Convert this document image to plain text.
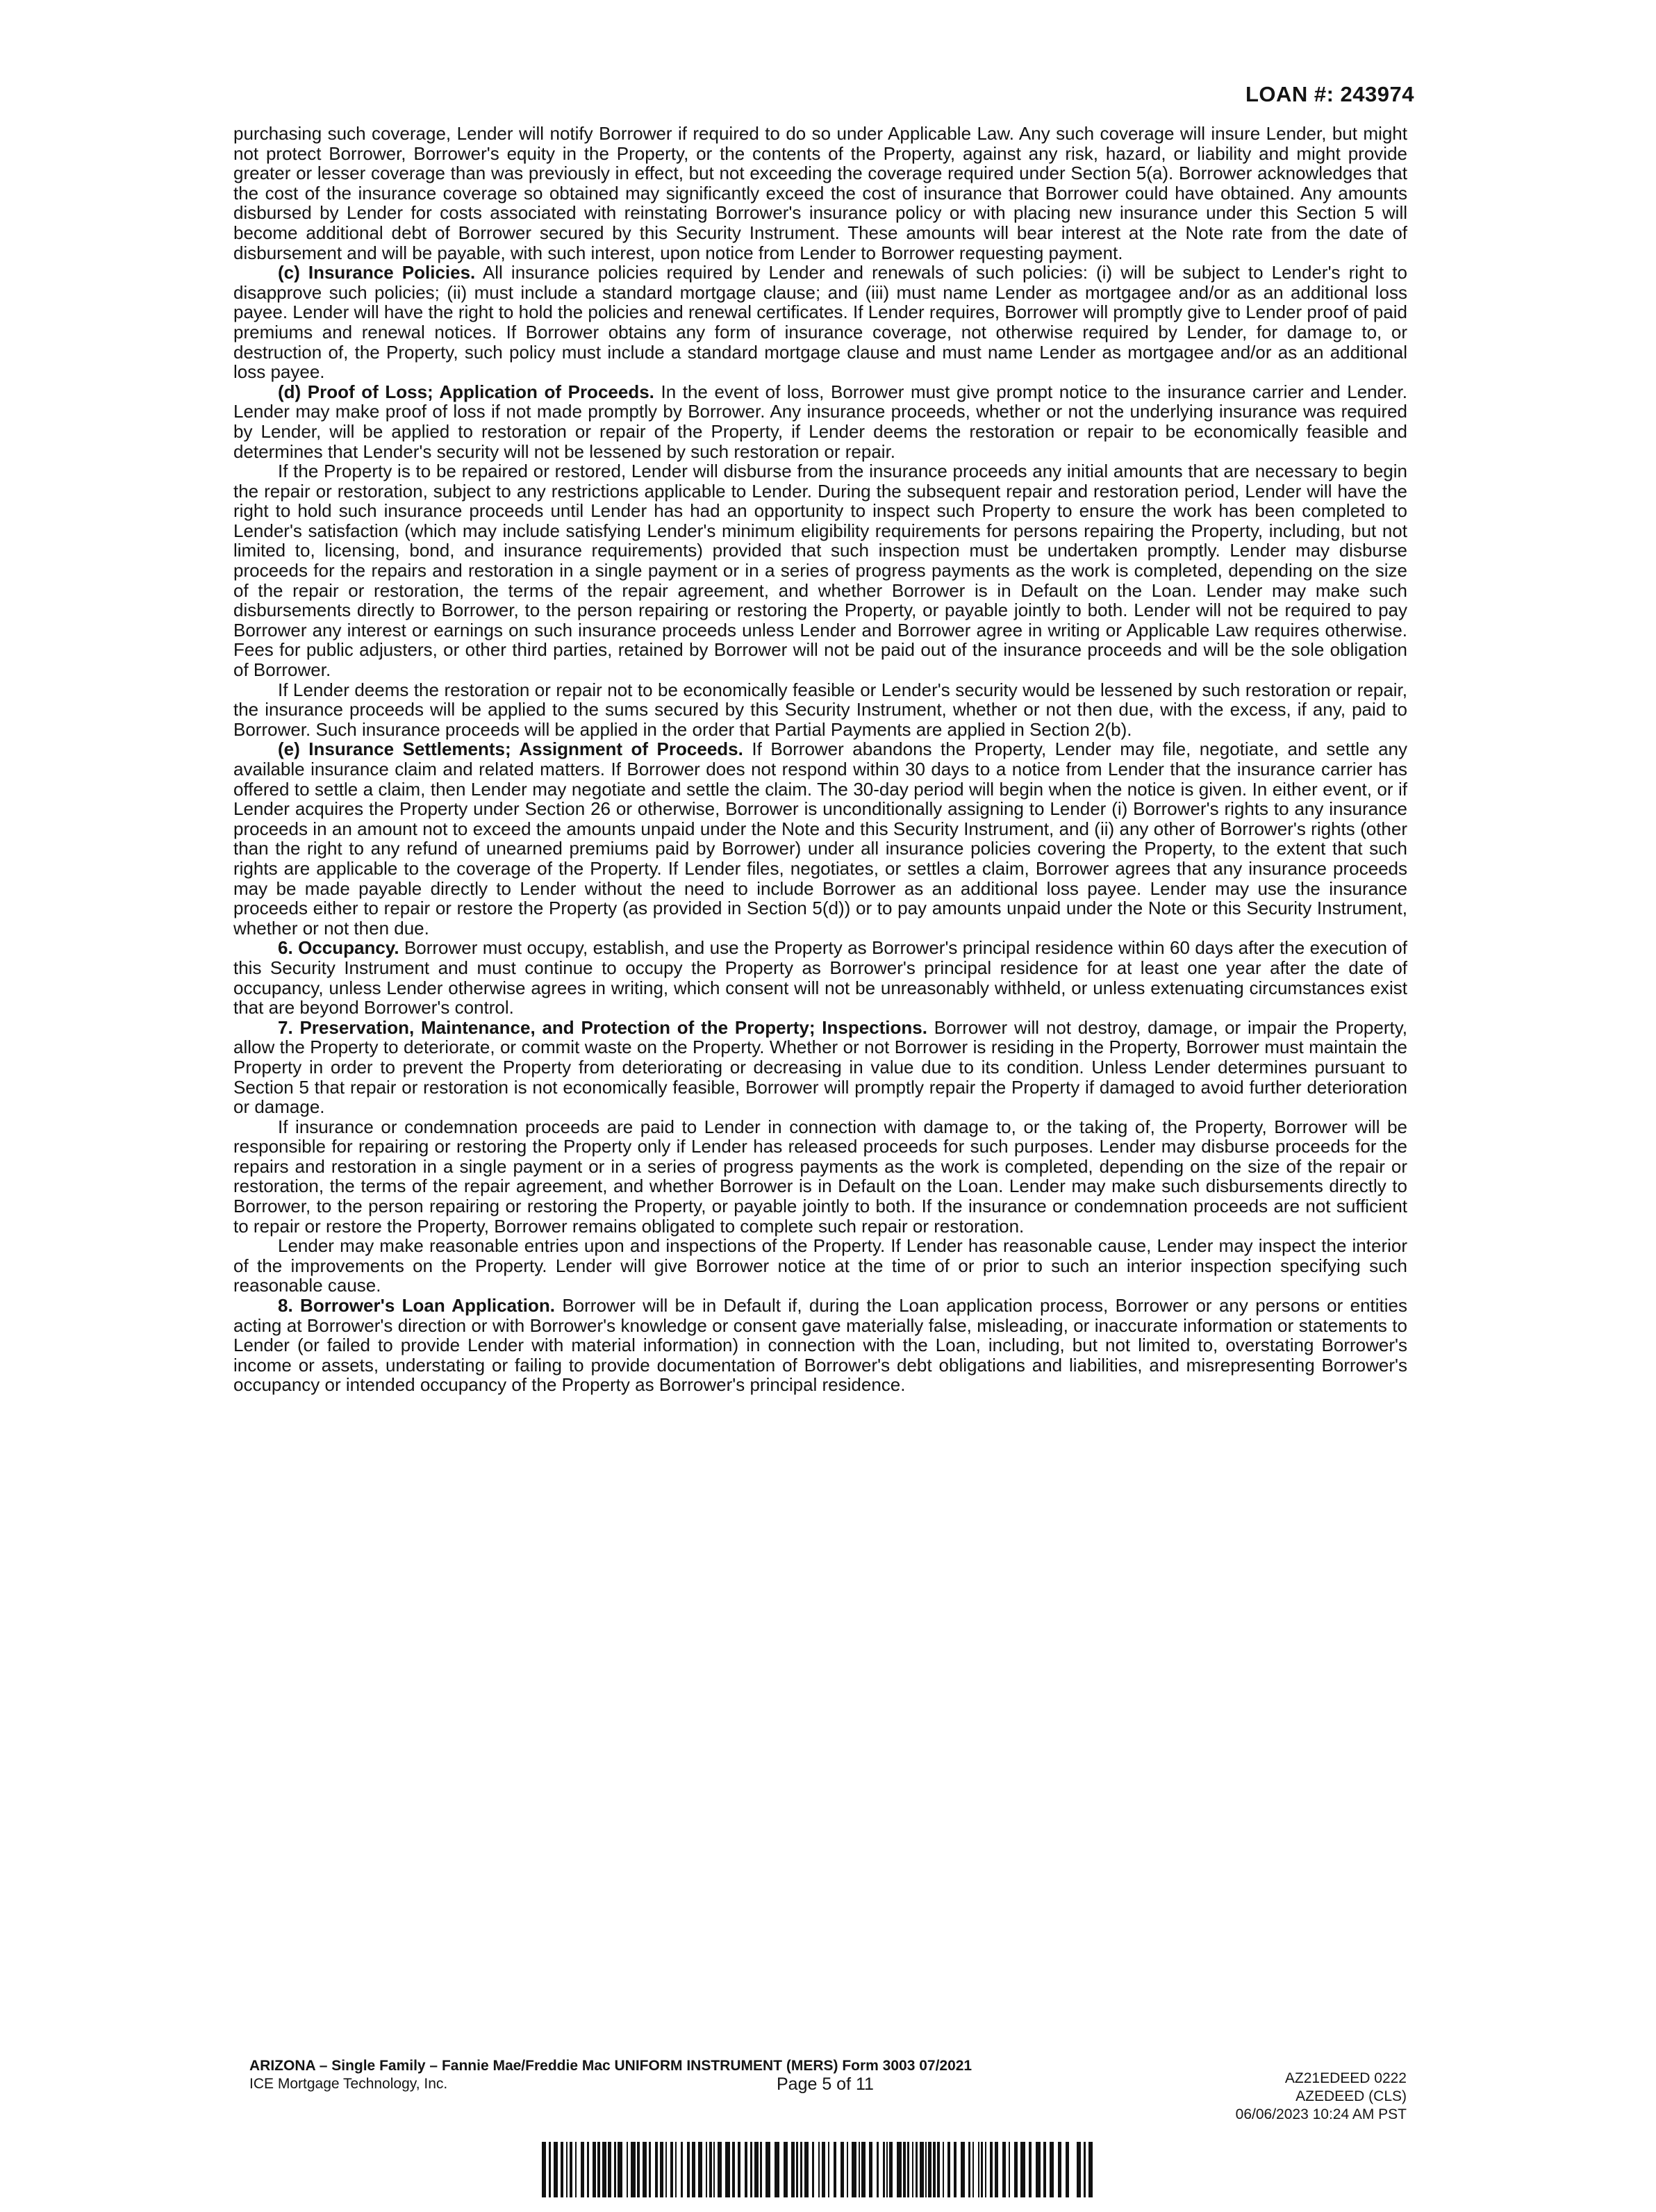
LOAN #: 243974

purchasing such coverage, Lender will notify Borrower if required to do so under Applicable Law. Any such coverage will insure Lender, but might not protect Borrower, Borrower's equity in the Property, or the contents of the Property, against any risk, hazard, or liability and might provide greater or lesser coverage than was previously in effect, but not exceeding the coverage required under Section 5(a). Borrower acknowledges that the cost of the insurance coverage so obtained may significantly exceed the cost of insurance that Borrower could have obtained. Any amounts disbursed by Lender for costs associated with reinstating Borrower's insurance policy or with placing new insurance under this Section 5 will become additional debt of Borrower secured by this Security Instrument. These amounts will bear interest at the Note rate from the date of disbursement and will be payable, with such interest, upon notice from Lender to Borrower requesting payment.

(c) Insurance Policies. All insurance policies required by Lender and renewals of such policies: (i) will be subject to Lender's right to disapprove such policies; (ii) must include a standard mortgage clause; and (iii) must name Lender as mortgagee and/or as an additional loss payee. Lender will have the right to hold the policies and renewal certificates. If Lender requires, Borrower will promptly give to Lender proof of paid premiums and renewal notices. If Borrower obtains any form of insurance coverage, not otherwise required by Lender, for damage to, or destruction of, the Property, such policy must include a standard mortgage clause and must name Lender as mortgagee and/or as an additional loss payee.

(d) Proof of Loss; Application of Proceeds. In the event of loss, Borrower must give prompt notice to the insurance carrier and Lender. Lender may make proof of loss if not made promptly by Borrower. Any insurance proceeds, whether or not the underlying insurance was required by Lender, will be applied to restoration or repair of the Property, if Lender deems the restoration or repair to be economically feasible and determines that Lender's security will not be lessened by such restoration or repair.

If the Property is to be repaired or restored, Lender will disburse from the insurance proceeds any initial amounts that are necessary to begin the repair or restoration, subject to any restrictions applicable to Lender. During the subsequent repair and restoration period, Lender will have the right to hold such insurance proceeds until Lender has had an opportunity to inspect such Property to ensure the work has been completed to Lender's satisfaction (which may include satisfying Lender's minimum eligibility requirements for persons repairing the Property, including, but not limited to, licensing, bond, and insurance requirements) provided that such inspection must be undertaken promptly. Lender may disburse proceeds for the repairs and restoration in a single payment or in a series of progress payments as the work is completed, depending on the size of the repair or restoration, the terms of the repair agreement, and whether Borrower is in Default on the Loan. Lender may make such disbursements directly to Borrower, to the person repairing or restoring the Property, or payable jointly to both. Lender will not be required to pay Borrower any interest or earnings on such insurance proceeds unless Lender and Borrower agree in writing or Applicable Law requires otherwise. Fees for public adjusters, or other third parties, retained by Borrower will not be paid out of the insurance proceeds and will be the sole obligation of Borrower.

If Lender deems the restoration or repair not to be economically feasible or Lender's security would be lessened by such restoration or repair, the insurance proceeds will be applied to the sums secured by this Security Instrument, whether or not then due, with the excess, if any, paid to Borrower. Such insurance proceeds will be applied in the order that Partial Payments are applied in Section 2(b).

(e) Insurance Settlements; Assignment of Proceeds. If Borrower abandons the Property, Lender may file, negotiate, and settle any available insurance claim and related matters. If Borrower does not respond within 30 days to a notice from Lender that the insurance carrier has offered to settle a claim, then Lender may negotiate and settle the claim. The 30-day period will begin when the notice is given. In either event, or if Lender acquires the Property under Section 26 or otherwise, Borrower is unconditionally assigning to Lender (i) Borrower's rights to any insurance proceeds in an amount not to exceed the amounts unpaid under the Note and this Security Instrument, and (ii) any other of Borrower's rights (other than the right to any refund of unearned premiums paid by Borrower) under all insurance policies covering the Property, to the extent that such rights are applicable to the coverage of the Property. If Lender files, negotiates, or settles a claim, Borrower agrees that any insurance proceeds may be made payable directly to Lender without the need to include Borrower as an additional loss payee. Lender may use the insurance proceeds either to repair or restore the Property (as provided in Section 5(d)) or to pay amounts unpaid under the Note or this Security Instrument, whether or not then due.

6. Occupancy. Borrower must occupy, establish, and use the Property as Borrower's principal residence within 60 days after the execution of this Security Instrument and must continue to occupy the Property as Borrower's principal residence for at least one year after the date of occupancy, unless Lender otherwise agrees in writing, which consent will not be unreasonably withheld, or unless extenuating circumstances exist that are beyond Borrower's control.

7. Preservation, Maintenance, and Protection of the Property; Inspections. Borrower will not destroy, damage, or impair the Property, allow the Property to deteriorate, or commit waste on the Property. Whether or not Borrower is residing in the Property, Borrower must maintain the Property in order to prevent the Property from deteriorating or decreasing in value due to its condition. Unless Lender determines pursuant to Section 5 that repair or restoration is not economically feasible, Borrower will promptly repair the Property if damaged to avoid further deterioration or damage.

If insurance or condemnation proceeds are paid to Lender in connection with damage to, or the taking of, the Property, Borrower will be responsible for repairing or restoring the Property only if Lender has released proceeds for such purposes. Lender may disburse proceeds for the repairs and restoration in a single payment or in a series of progress payments as the work is completed, depending on the size of the repair or restoration, the terms of the repair agreement, and whether Borrower is in Default on the Loan. Lender may make such disbursements directly to Borrower, to the person repairing or restoring the Property, or payable jointly to both. If the insurance or condemnation proceeds are not sufficient to repair or restore the Property, Borrower remains obligated to complete such repair or restoration.

Lender may make reasonable entries upon and inspections of the Property. If Lender has reasonable cause, Lender may inspect the interior of the improvements on the Property. Lender will give Borrower notice at the time of or prior to such an interior inspection specifying such reasonable cause.

8. Borrower's Loan Application. Borrower will be in Default if, during the Loan application process, Borrower or any persons or entities acting at Borrower's direction or with Borrower's knowledge or consent gave materially false, misleading, or inaccurate information or statements to Lender (or failed to provide Lender with material information) in connection with the Loan, including, but not limited to, overstating Borrower's income or assets, understating or failing to provide documentation of Borrower's debt obligations and liabilities, and misrepresenting Borrower's occupancy or intended occupancy of the Property as Borrower's principal residence.

ARIZONA – Single Family – Fannie Mae/Freddie Mac UNIFORM INSTRUMENT (MERS) Form 3003 07/2021
ICE Mortgage Technology, Inc.	Page 5 of 11	AZ21EDEED 0222
AZEDEED (CLS)
06/06/2023 10:24 AM PST
